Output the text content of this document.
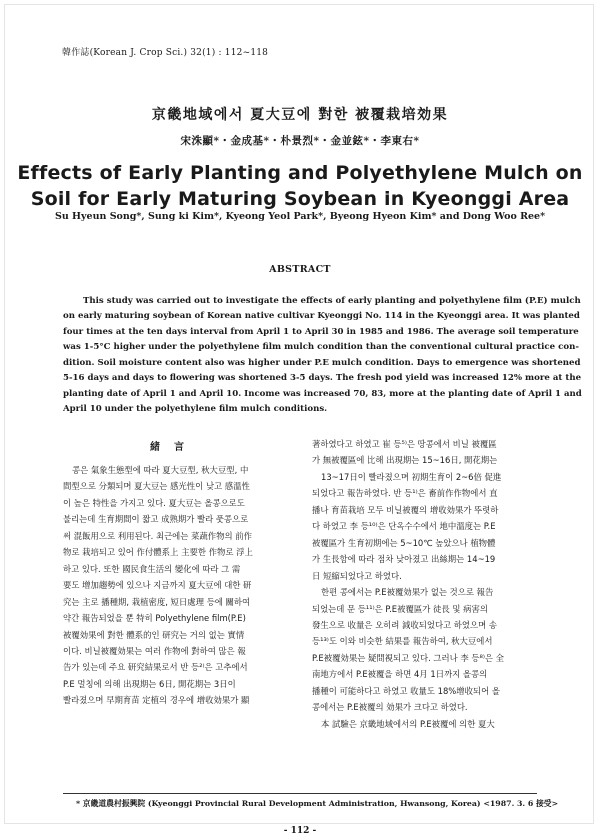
韓作誌(Korean J. Crop Sci.) 32(1) : 112~118
京畿地域에서 夏大豆에 對한 被覆栽培効果
宋洙顯*・金成基*・朴景烈*・金並鉉*・李東右*
Effects of Early Planting and Polyethylene Mulch on
Soil for Early Maturing Soybean in Kyeonggi Area
Su Hyeun Song*, Sung ki Kim*, Kyeong Yeol Park*, Byeong Hyeon Kim* and Dong Woo Ree*
ABSTRACT

This study was carried out to investigate the effects of early planting and polyethylene film (P.E) mulch
on early maturing soybean of Korean native cultivar Kyeonggi No. 114 in the Kyeonggi area. It was planted
four times at the ten days interval from April 1 to April 30 in 1985 and 1986. The average soil temperature
was 1-5°C higher under the polyethylene film mulch condition than the conventional cultural practice con-
dition. Soil moisture content also was higher under P.E mulch condition. Days to emergence was shortened
5-16 days and days to flowering was shortened 3-5 days. The fresh pod yield was increased 12% more at the
planting date of April 1 and April 10. Income was increased 70, 83, more at the planting date of April 1 and
April 10 under the polyethylene film mulch conditions.

緒言
콩은 氣象生態型에 따라 夏大豆型, 秋大豆型, 中
間型으로 分類되며 夏大豆는 感光性이 낮고 感溫性
이 높은 特性을 가지고 있다. 夏大豆는 올콩으로도
불리는데 生育期間이 짧고 成熟期가 빨라 풋콩으로
써 混飯用으로 利用된다. 최근에는 菜蔬作物의 前作
物로 栽培되고 있어 作付體系上 主要한 作物로 浮上
하고 있다. 또한 國民食生活의 變化에 따라 그 需
要도 增加趨勢에 있으나 지금까지 夏大豆에 대한 研
究는 主로 播種期, 栽植密度, 短日處理 등에 關하여
약간 報告되었을 뿐 特히 Polyethylene film(P.E)
被覆効果에 對한 體系的인 研究는 거의 없는 實情
이다. 비닐被覆効果는 여러 作物에 對하여 많은 報
告가 있는데 주요 研究結果로서 반 등²⁾은 고추에서
P.E 멀칭에 의해 出現期는 6日, 開花期는 3日이
빨라졌으며 早期育苗 定植의 경우에 增收効果가 顯
著하였다고 하였고 崔 등⁵⁾은 땅콩에서 비닐 被覆區
가 無被覆區에 比해 出現期는 15~16日, 開花期는
13~17日이 빨라졌으며 初期生育이 2~6倍 促進
되었다고 報告하였다. 반 등¹⁾은 畜前作作物에서 直
播나 育苗栽培 모두 비닐被覆의 增收効果가 뚜렷하
다 하였고 李 등¹⁰⁾은 단옥수수에서 地中溫度는 P.E
被覆區가 生育初期에는 5~10℃ 높았으나 植物體
가 生長함에 따라 점차 낮아졌고 出絲期는 14~19
日 短縮되었다고 하였다.
한편 콩에서는 P.E被覆効果가 없는 것으로 報告
되었는데 문 등¹¹⁾은 P.E被覆區가 徒長 및 病害의
發生으로 收量은 오히려 減收되었다고 하였으며 송
등¹³⁾도 이와 비슷한 結果를 報告하여, 秋大豆에서
P.E被覆効果는 疑問視되고 있다. 그러나 李 등⁸⁾은 全
南地方에서 P.E被覆을 하면 4月 1日까지 올콩의
播種이 可能하다고 하였고 收量도 18%增收되어 올
콩에서는 P.E被覆의 効果가 크다고 하였다.
本 試驗은 京畿地域에서의 P.E被覆에 의한 夏大
* 京畿道農村振興院 (Kyeonggi Provincial Rural Development Administration, Hwansong, Korea) <1987. 3. 6 接受>
- 112 -
